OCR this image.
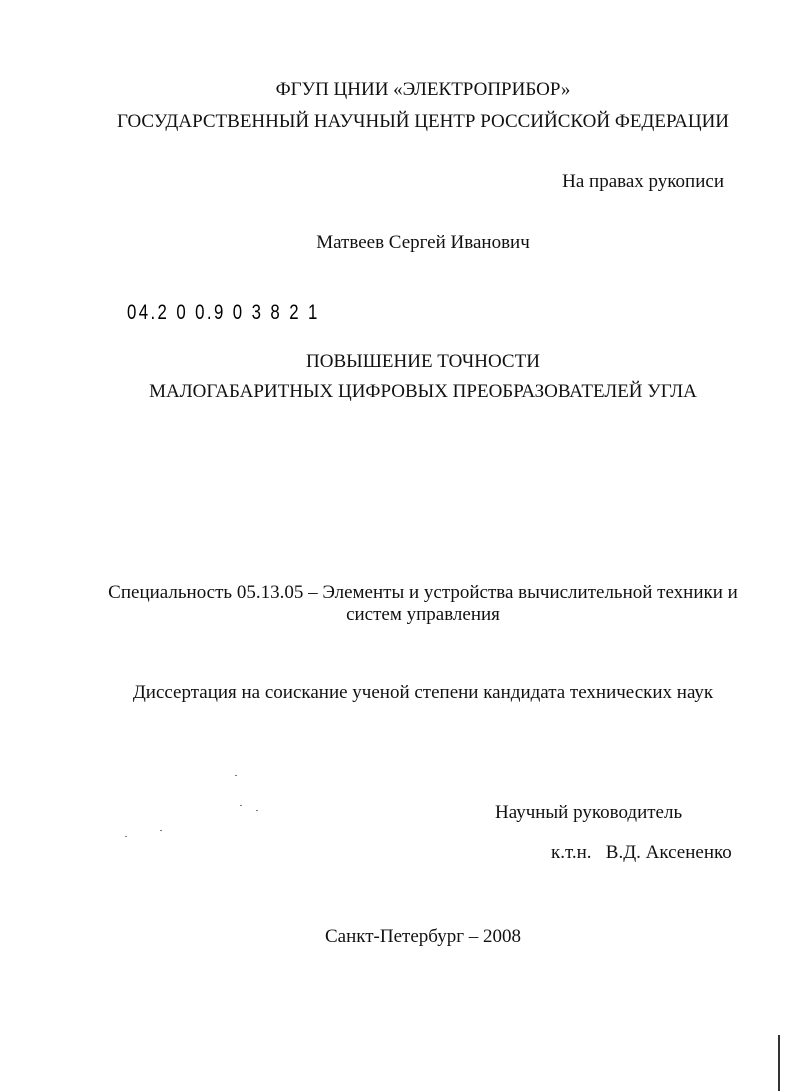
ФГУП ЦНИИ «ЭЛЕКТРОПРИБОР»
ГОСУДАРСТВЕННЫЙ НАУЧНЫЙ ЦЕНТР РОССИЙСКОЙ ФЕДЕРАЦИИ
На правах рукописи
Матвеев Сергей Иванович
04.2 0 0.9 0 3 8 2 1
ПОВЫШЕНИЕ ТОЧНОСТИ
МАЛОГАБАРИТНЫХ ЦИФРОВЫХ ПРЕОБРАЗОВАТЕЛЕЙ УГЛА
Специальность 05.13.05 – Элементы и устройства вычислительной техники и
систем управления
Диссертация на соискание ученой степени кандидата технических наук
Научный руководитель
к.т.н.   В.Д. Аксененко
Санкт-Петербург – 2008
